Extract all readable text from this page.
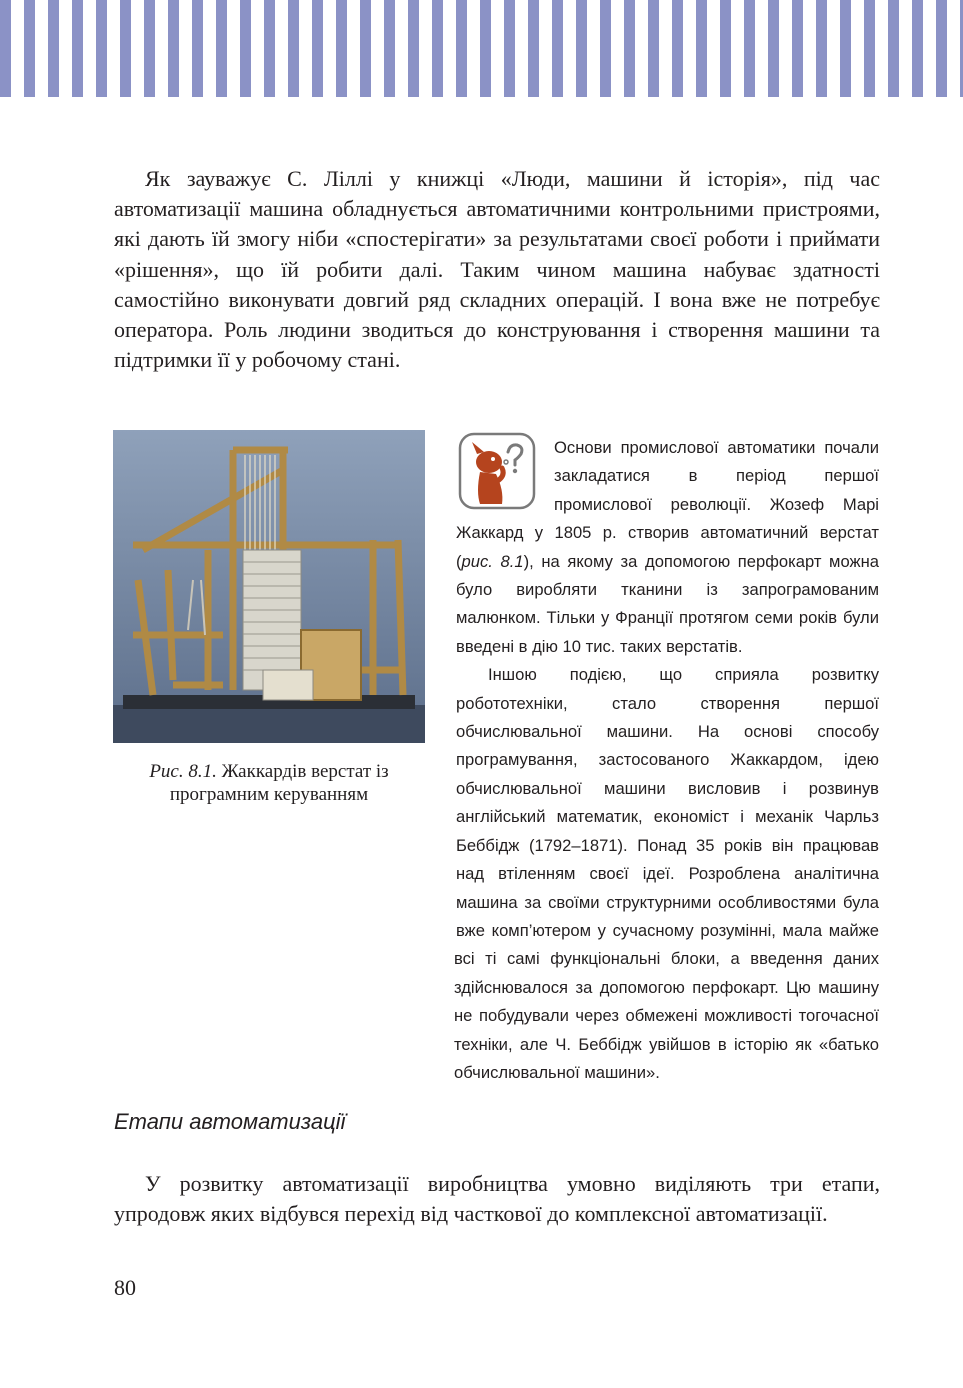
Як зауважує С. Ліллі у книжці «Люди, машини й історія», під час автоматизації машина обладнується автоматичними контрольними пристроями, які дають їй змогу ніби «спостерігати» за результатами своєї роботи і приймати «рішення», що їй робити далі. Таким чином машина набуває здатності самостійно виконувати довгий ряд складних операцій. І вона вже не потребує оператора. Роль людини зводиться до конструювання і створення машини та підтримки її у робочому стані.

Рис. 8.1. Жаккардів верстат із програмним керуванням

Основи промислової автоматики почали закладатися в період першої промислової революції. Жозеф Марі Жаккард у 1805 р. створив автоматичний верстат (рис. 8.1), на якому за допомогою перфокарт можна було виробляти тканини із запрограмованим малюнком. Тільки у Франції протягом семи років були введені в дію 10 тис. таких верстатів.

Іншою подією, що сприяла розвитку робототехніки, стало створення першої обчислювальної машини. На основі способу програмування, застосованого Жаккардом, ідею обчислювальної машини висловив і розвинув англійський математик, економіст і механік Чарльз Беббідж (1792–1871). Понад 35 років він працював над втіленням своєї ідеї. Розроблена аналітична машина за своїми структурними особливостями була вже комп’ютером у сучасному розумінні, мала майже всі ті самі функціональні блоки, а введення даних здійснювалося за допомогою перфокарт. Цю машину не побудували через обмежені можливості тогочасної техніки, але Ч. Беббідж увійшов в історію як «батько обчислювальної машини».

Етапи автоматизації

У розвитку автоматизації виробництва умовно виділяють три етапи, упродовж яких відбувся перехід від часткової до комплексної автоматизації.

80
